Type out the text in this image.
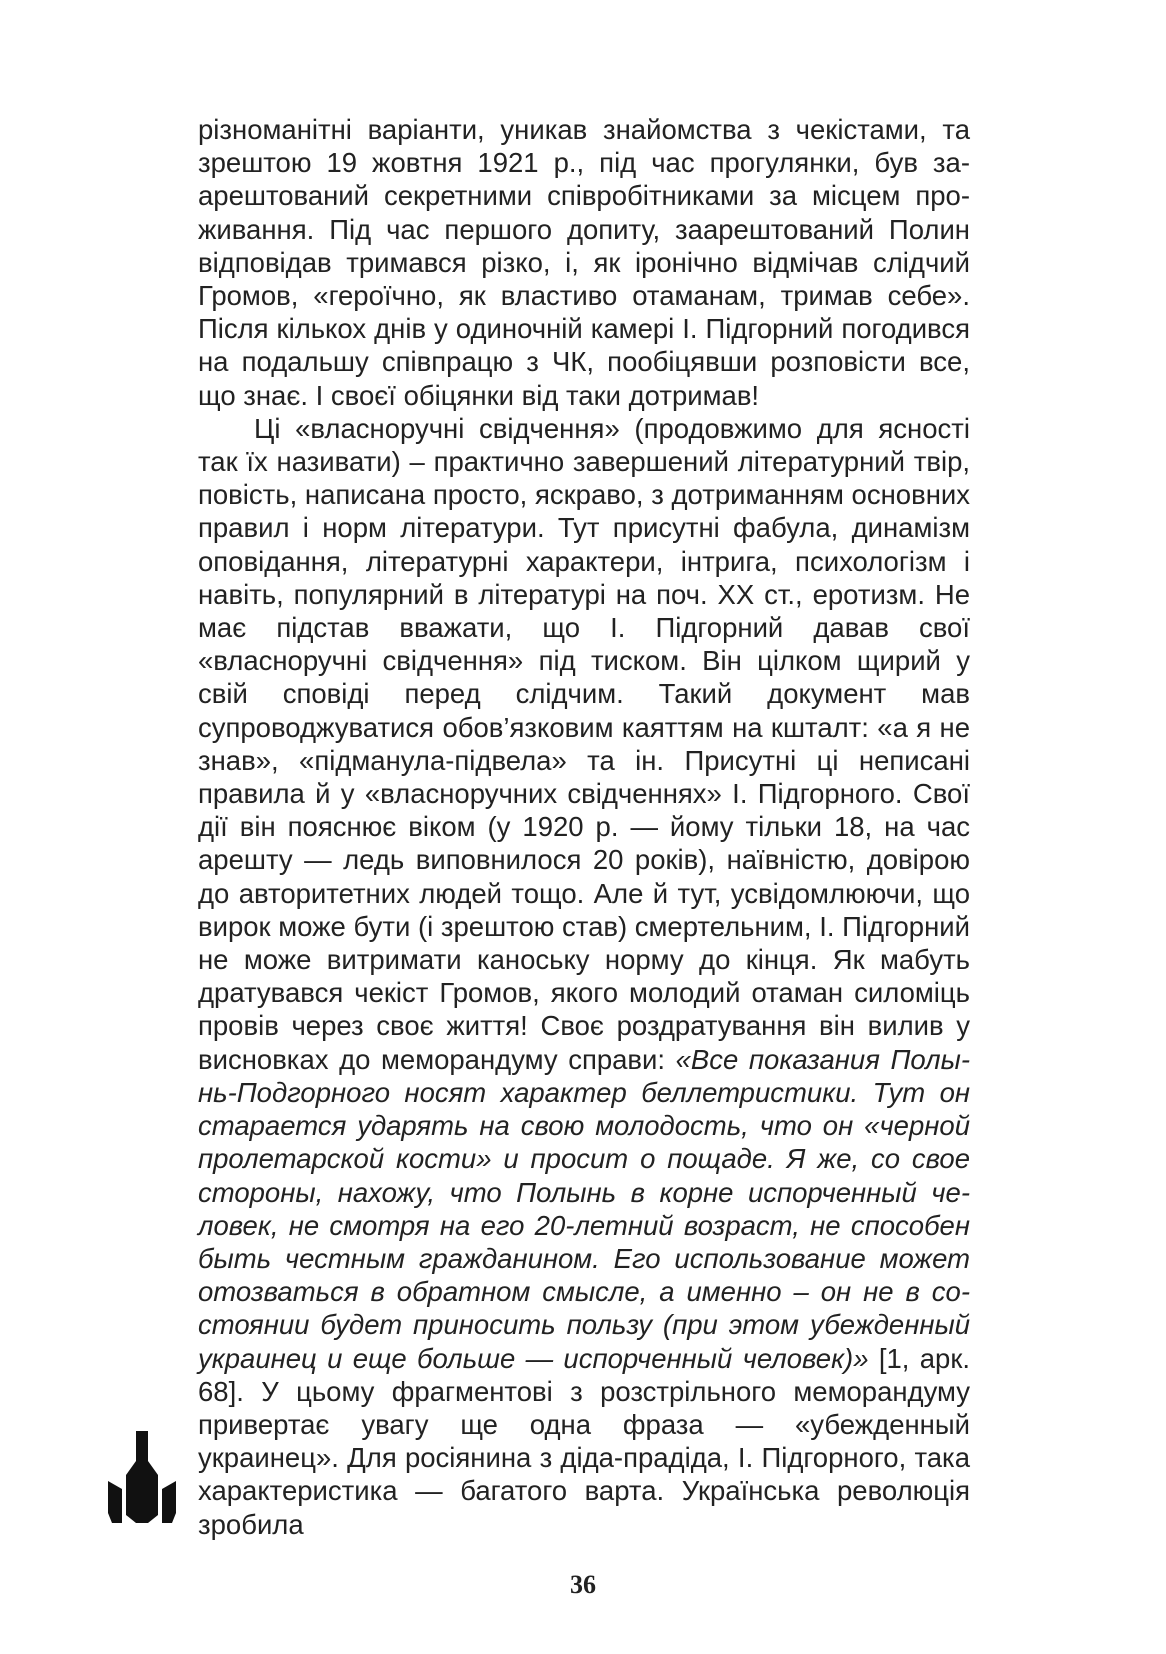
різноманітні варіанти, уникав знайомства з чекістами, та зрештою 19 жовтня 1921 р., під час прогулянки, був заарештований секретними співробітниками за місцем проживання. Під час першого допиту, заарештований Полин відповідав тримався різко, і, як іронічно відмічав слідчий Громов, «героїчно, як властиво отаманам, тримав себе». Після кількох днів у одиночній камері І. Підгорний погодився на подальшу співпрацю з ЧК, пообіцявши розповісти все, що знає. І своєї обіцянки від таки дотримав!

Ці «власноручні свідчення» (продовжимо для ясності так їх називати) – практично завершений літературний твір, повість, написана просто, яскраво, з дотриманням основних правил і норм літератури. Тут присутні фабула, динамізм оповідання, літературні характери, інтрига, психологізм і навіть, популярний в літературі на поч. XX ст., еротизм. Не має підстав вважати, що І. Підгорний давав свої «власноручні свідчення» під тиском. Він цілком щирий у свій сповіді перед слідчим. Такий документ мав супроводжуватися обов’язковим каяттям на кшталт: «а я не знав», «підманула-підвела» та ін. Присутні ці неписані правила й у «власноручних свідченнях» І. Підгорного. Свої дії він пояснює віком (у 1920 р. — йому тільки 18, на час арешту — ледь виповнилося 20 років), наївністю, довірою до авторитетних людей тощо. Але й тут, усвідомлюючи, що вирок може бути (і зрештою став) смертельним, І. Підгорний не може витримати каноську норму до кінця. Як мабуть дратувався чекіст Громов, якого молодий отаман силоміць провів через своє життя! Своє роздратування він вилив у висновках до меморандуму справи: «Все показания Полынь-Подгорного носят характер беллетристики. Тут он старается ударять на свою молодость, что он «черной пролетарской кости» и просит о пощаде. Я же, со свое стороны, нахожу, что Полынь в корне испорченный человек, не смотря на его 20-летний возраст, не способен быть честным гражданином. Его использование может отозваться в обратном смысле, а именно – он не в состоянии будет приносить пользу (при этом убежденный украинец и еще больше — испорченный человек)» [1, арк. 68]. У цьому фрагментові з розстрільного меморандуму привертає увагу ще одна фраза — «убежденный украинец». Для росіянина з діда-прадіда, І. Підгорного, така характеристика — багатого варта. Українська революція зробила

36
